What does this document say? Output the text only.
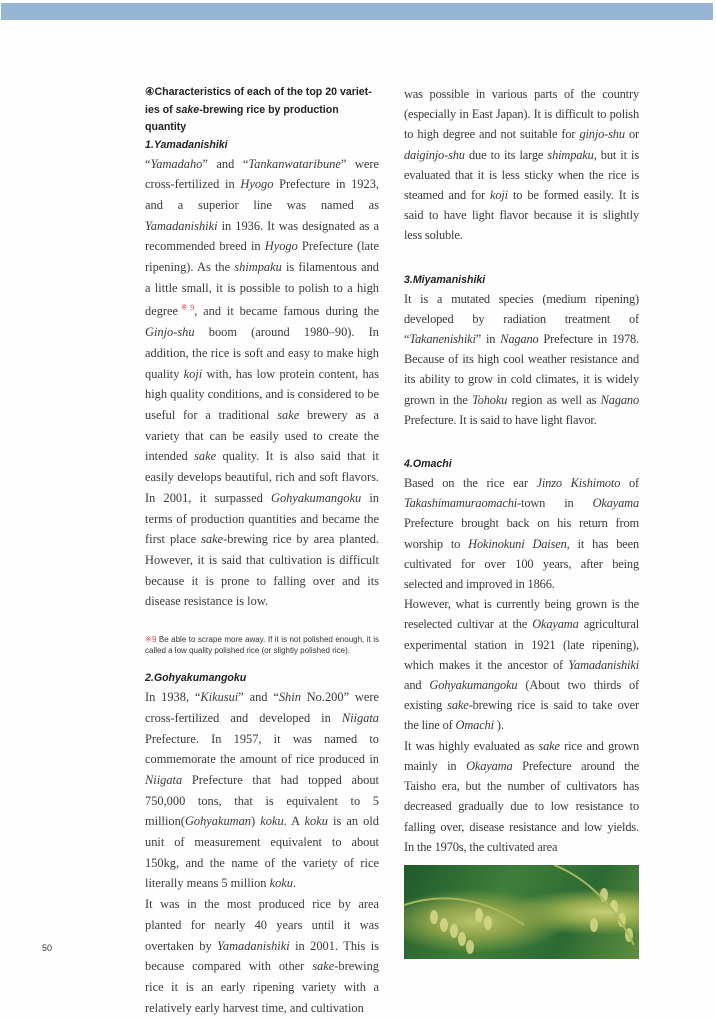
④Characteristics of each of the top 20 variet- ies of sake-brewing rice by production quantity
1.Yamadanishiki

“Yamadaho” and “Tankanwataribune” were cross-fertilized in Hyogo Prefecture in 1923, and a superior line was named as Yamadanishiki in 1936. It was designated as a recommended breed in Hyogo Prefecture (late ripening). As the shimpaku is filamentous and a little small, it is possible to polish to a high degree$^{※9}$, and it became famous during the Ginjo-shu boom (around 1980–90). In addition, the rice is soft and easy to make high quality koji with, has low protein content, has high quality conditions, and is considered to be useful for a traditional sake brewery as a variety that can be easily used to create the intended sake quality. It is also said that it easily develops beautiful, rich and soft flavors. In 2001, it surpassed Gohyakumangoku in terms of production quantities and became the first place sake-brewing rice by area planted. However, it is said that cultivation is difficult because it is prone to falling over and its disease resistance is low.

※9 Be able to scrape more away. If it is not polished enough, it is called a low quality polished rice (or slightly polished rice).

2.Gohyakumangoku

In 1938, “Kikusui” and “Shin No.200” were cross-fertilized and developed in Niigata Prefecture. In 1957, it was named to commemorate the amount of rice produced in Niigata Prefecture that had topped about 750,000 tons, that is equivalent to 5 million(Gohyakuman) koku. A koku is an old unit of measurement equivalent to about 150kg, and the name of the variety of rice literally means 5 million koku.

It was in the most produced rice by area planted for nearly 40 years until it was overtaken by Yamadanishiki in 2001. This is because compared with other sake-brewing rice it is an early ripening variety with a relatively early harvest time, and cultivation

was possible in various parts of the country (especially in East Japan). It is difficult to polish to high degree and not suitable for ginjo-shu or daiginjo-shu due to its large shimpaku, but it is evaluated that it is less sticky when the rice is steamed and for koji to be formed easily. It is said to have light flavor because it is slightly less soluble.

3.Miyamanishiki

It is a mutated species (medium ripening) developed by radiation treatment of “Takanenishiki” in Nagano Prefecture in 1978. Because of its high cool weather resistance and its ability to grow in cold climates, it is widely grown in the Tohoku region as well as Nagano Prefecture. It is said to have light flavor.

4.Omachi

Based on the rice ear Jinzo Kishimoto of Takashimamuraomachi-town in Okayama Prefecture brought back on his return from worship to Hokinokuni Daisen, it has been cultivated for over 100 years, after being selected and improved in 1866.

However, what is currently being grown is the reselected cultivar at the Okayama agricultural experimental station in 1921 (late ripening), which makes it the ancestor of Yamadanishiki and Gohyakumangoku (About two thirds of existing sake-brewing rice is said to take over the line of Omachi ).

It was highly evaluated as sake rice and grown mainly in Okayama Prefecture around the Taisho era, but the number of cultivators has decreased gradually due to low resistance to falling over, disease resistance and low yields. In the 1970s, the cultivated area

50
